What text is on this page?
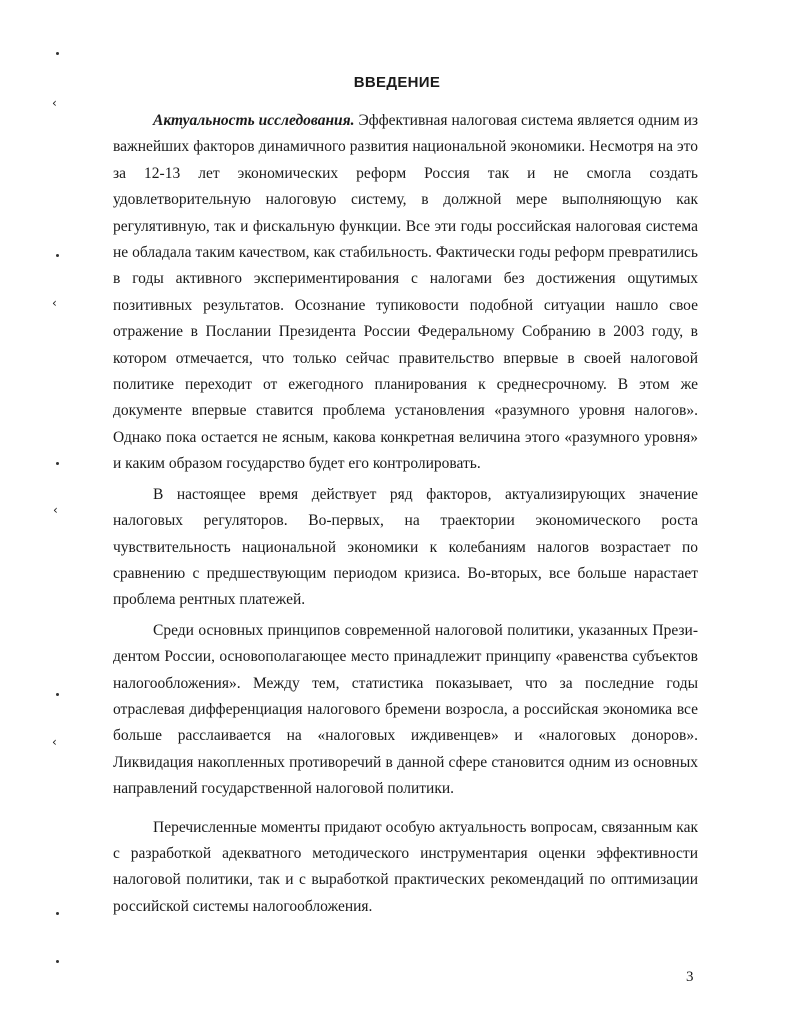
ВВЕДЕНИЕ

Актуальность исследования. Эффективная налоговая система является одним из важнейших факторов динамичного развития национальной экономики. Несмотря на это за 12-13 лет экономических реформ Россия так и не смогла создать удовлетворительную налоговую систему, в должной мере выполняющую как регулятивную, так и фискальную функции. Все эти годы российская налоговая система не обладала таким качеством, как стабильность. Фактически годы реформ превратились в годы активного экспериментирования с налогами без достижения ощутимых позитивных результатов. Осознание тупиковости подобной ситуации нашло свое отражение в Послании Президента России Федеральному Собранию в 2003 году, в котором отмечается, что только сейчас правительство впервые в своей налоговой политике переходит от ежегодного планирования к среднесрочному. В этом же документе впервые ставится проблема установления «разумного уровня налогов». Однако пока остается не ясным, какова конкретная величина этого «разумного уровня» и каким образом государство будет его контролировать.

В настоящее время действует ряд факторов, актуализирующих значение налоговых регуляторов. Во-первых, на траектории экономического роста чувствительность национальной экономики к колебаниям налогов возрастает по сравнению с предшествующим периодом кризиса. Во-вторых, все больше нарастает проблема рентных платежей.

Среди основных принципов современной налоговой политики, указанных Президентом России, основополагающее место принадлежит принципу «равенства субъектов налогообложения». Между тем, статистика показывает, что за последние годы отраслевая дифференциация налогового бремени возросла, а российская экономика все больше расслаивается на «налоговых иждивенцев» и «налоговых доноров». Ликвидация накопленных противоречий в данной сфере становится одним из основных направлений государственной налоговой политики.

Перечисленные моменты придают особую актуальность вопросам, связанным как с разработкой адекватного методического инструментария оценки эффективности налоговой политики, так и с выработкой практических рекомендаций по оптимизации российской системы налогообложения.

3
‹
‹
‹
‹
